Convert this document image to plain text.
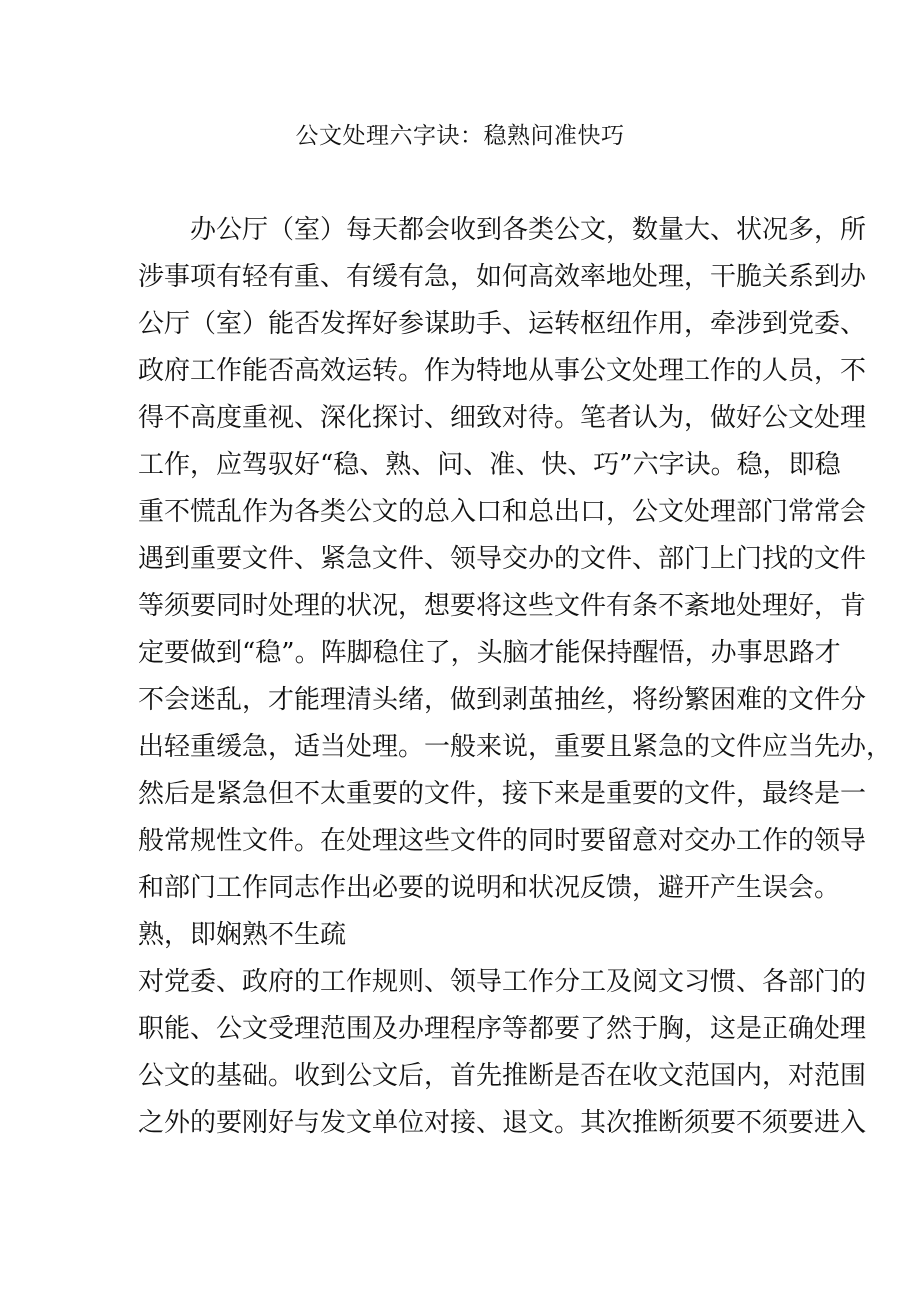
公文处理六字诀：稳熟问准快巧
办公厅（室）每天都会收到各类公文，数量大、状况多，所
涉事项有轻有重、有缓有急，如何高效率地处理，干脆关系到办
公厅（室）能否发挥好参谋助手、运转枢纽作用，牵涉到党委、
政府工作能否高效运转。作为特地从事公文处理工作的人员，不
得不高度重视、深化探讨、细致对待。笔者认为，做好公文处理
工作，应驾驭好“稳、熟、问、准、快、巧”六字诀。稳，即稳
重不慌乱作为各类公文的总入口和总出口，公文处理部门常常会
遇到重要文件、紧急文件、领导交办的文件、部门上门找的文件
等须要同时处理的状况，想要将这些文件有条不紊地处理好，肯
定要做到“稳”。阵脚稳住了，头脑才能保持醒悟，办事思路才
不会迷乱，才能理清头绪，做到剥茧抽丝，将纷繁困难的文件分
出轻重缓急，适当处理。一般来说，重要且紧急的文件应当先办，
然后是紧急但不太重要的文件，接下来是重要的文件，最终是一
般常规性文件。在处理这些文件的同时要留意对交办工作的领导
和部门工作同志作出必要的说明和状况反馈，避开产生误会。
熟，即娴熟不生疏
对党委、政府的工作规则、领导工作分工及阅文习惯、各部门的
职能、公文受理范围及办理程序等都要了然于胸，这是正确处理
公文的基础。收到公文后，首先推断是否在收文范国内，对范围
之外的要刚好与发文单位对接、退文。其次推断须要不须要进入
